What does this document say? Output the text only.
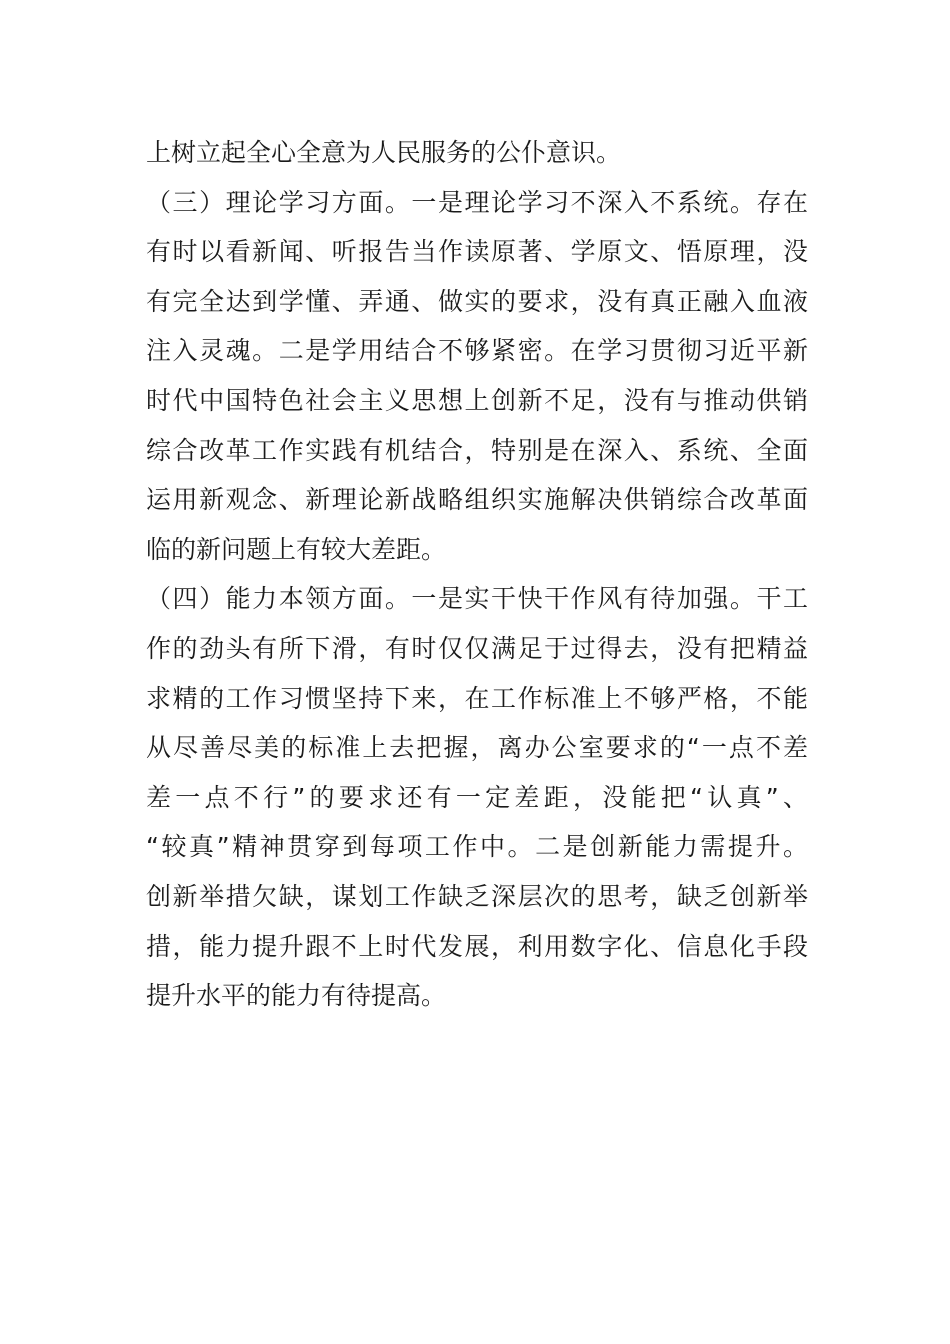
上树立起全心全意为人民服务的公仆意识。
（三）理论学习方面。一是理论学习不深入不系统。存在
有时以看新闻、听报告当作读原著、学原文、悟原理，没
有完全达到学懂、弄通、做实的要求，没有真正融入血液
注入灵魂。二是学用结合不够紧密。在学习贯彻习近平新
时代中国特色社会主义思想上创新不足，没有与推动供销
综合改革工作实践有机结合，特别是在深入、系统、全面
运用新观念、新理论新战略组织实施解决供销综合改革面
临的新问题上有较大差距。
（四）能力本领方面。一是实干快干作风有待加强。干工
作的劲头有所下滑，有时仅仅满足于过得去，没有把精益
求精的工作习惯坚持下来，在工作标准上不够严格，不能
从尽善尽美的标准上去把握，离办公室要求的“一点不差
差一点不行”的要求还有一定差距，没能把“认真”、
“较真”精神贯穿到每项工作中。二是创新能力需提升。
创新举措欠缺，谋划工作缺乏深层次的思考，缺乏创新举
措，能力提升跟不上时代发展，利用数字化、信息化手段
提升水平的能力有待提高。
